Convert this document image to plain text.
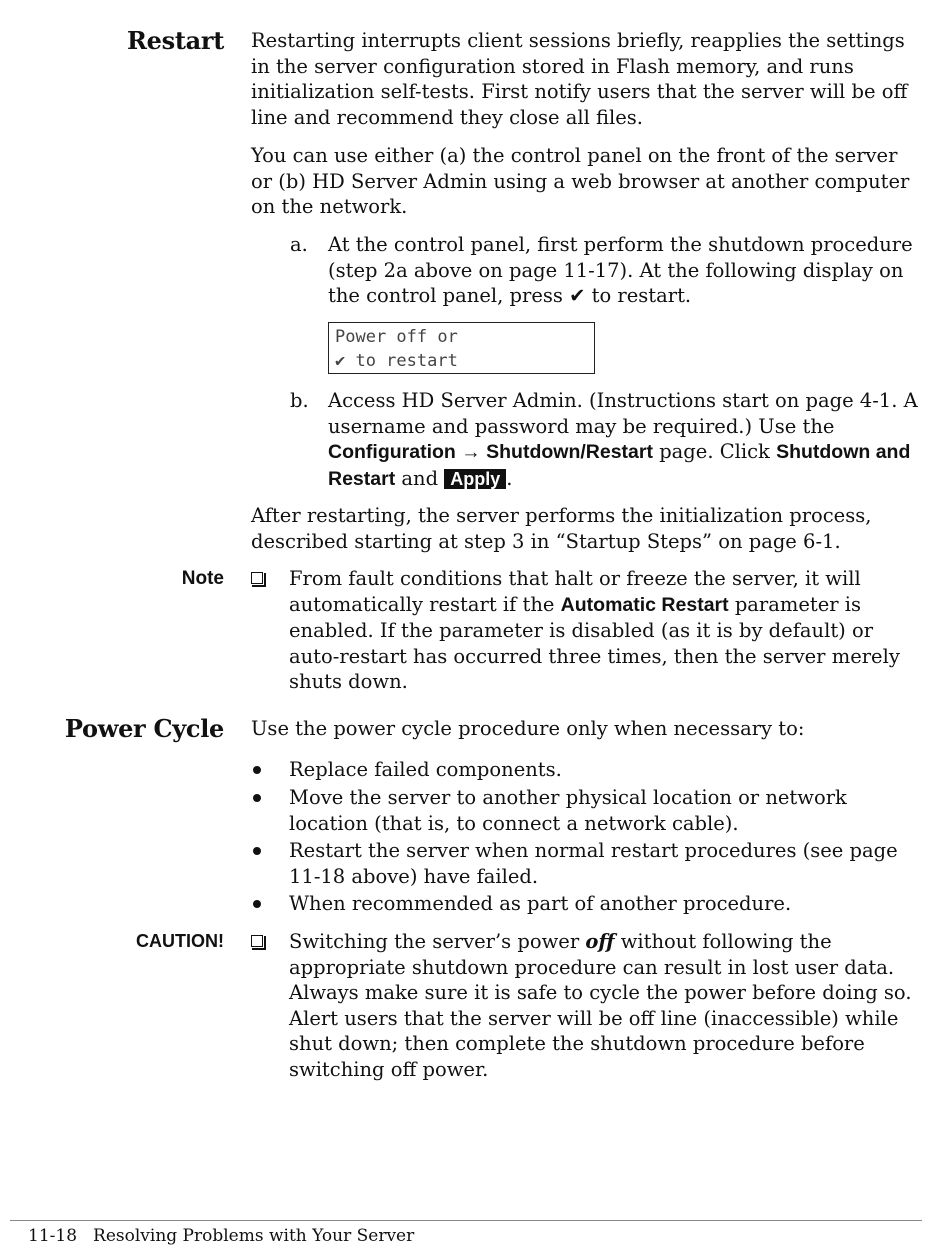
Restart Restarting interrupts client sessions briefly, reapplies the settings in the server configuration stored in Flash memory, and runs initialization self-tests. First notify users that the server will be off line and recommend they close all files.
You can use either (a) the control panel on the front of the server or (b) HD Server Admin using a web browser at another computer on the network.
a. At the control panel, first perform the shutdown procedure (step 2a above on page 11-17). At the following display on the control panel, press ✔ to restart.
Power off or
✔ to restart
b. Access HD Server Admin. (Instructions start on page 4-1. A username and password may be required.) Use the Configuration → Shutdown/Restart page. Click Shutdown and Restart and Apply .
After restarting, the server performs the initialization process, described starting at step 3 in “Startup Steps” on page 6-1.
Note	From fault conditions that halt or freeze the server, it will automatically restart if the Automatic Restart parameter is enabled. If the parameter is disabled (as it is by default) or auto-restart has occurred three times, then the server merely shuts down.
Power Cycle Use the power cycle procedure only when necessary to:
Replace failed components.
Move the server to another physical location or network location (that is, to connect a network cable).
Restart the server when normal restart procedures (see page 11-18 above) have failed.
When recommended as part of another procedure.
CAUTION!	Switching the server’s power off without following the appropriate shutdown procedure can result in lost user data. Always make sure it is safe to cycle the power before doing so. Alert users that the server will be off line (inaccessible) while shut down; then complete the shutdown procedure before switching off power.
11-18 Resolving Problems with Your Server
